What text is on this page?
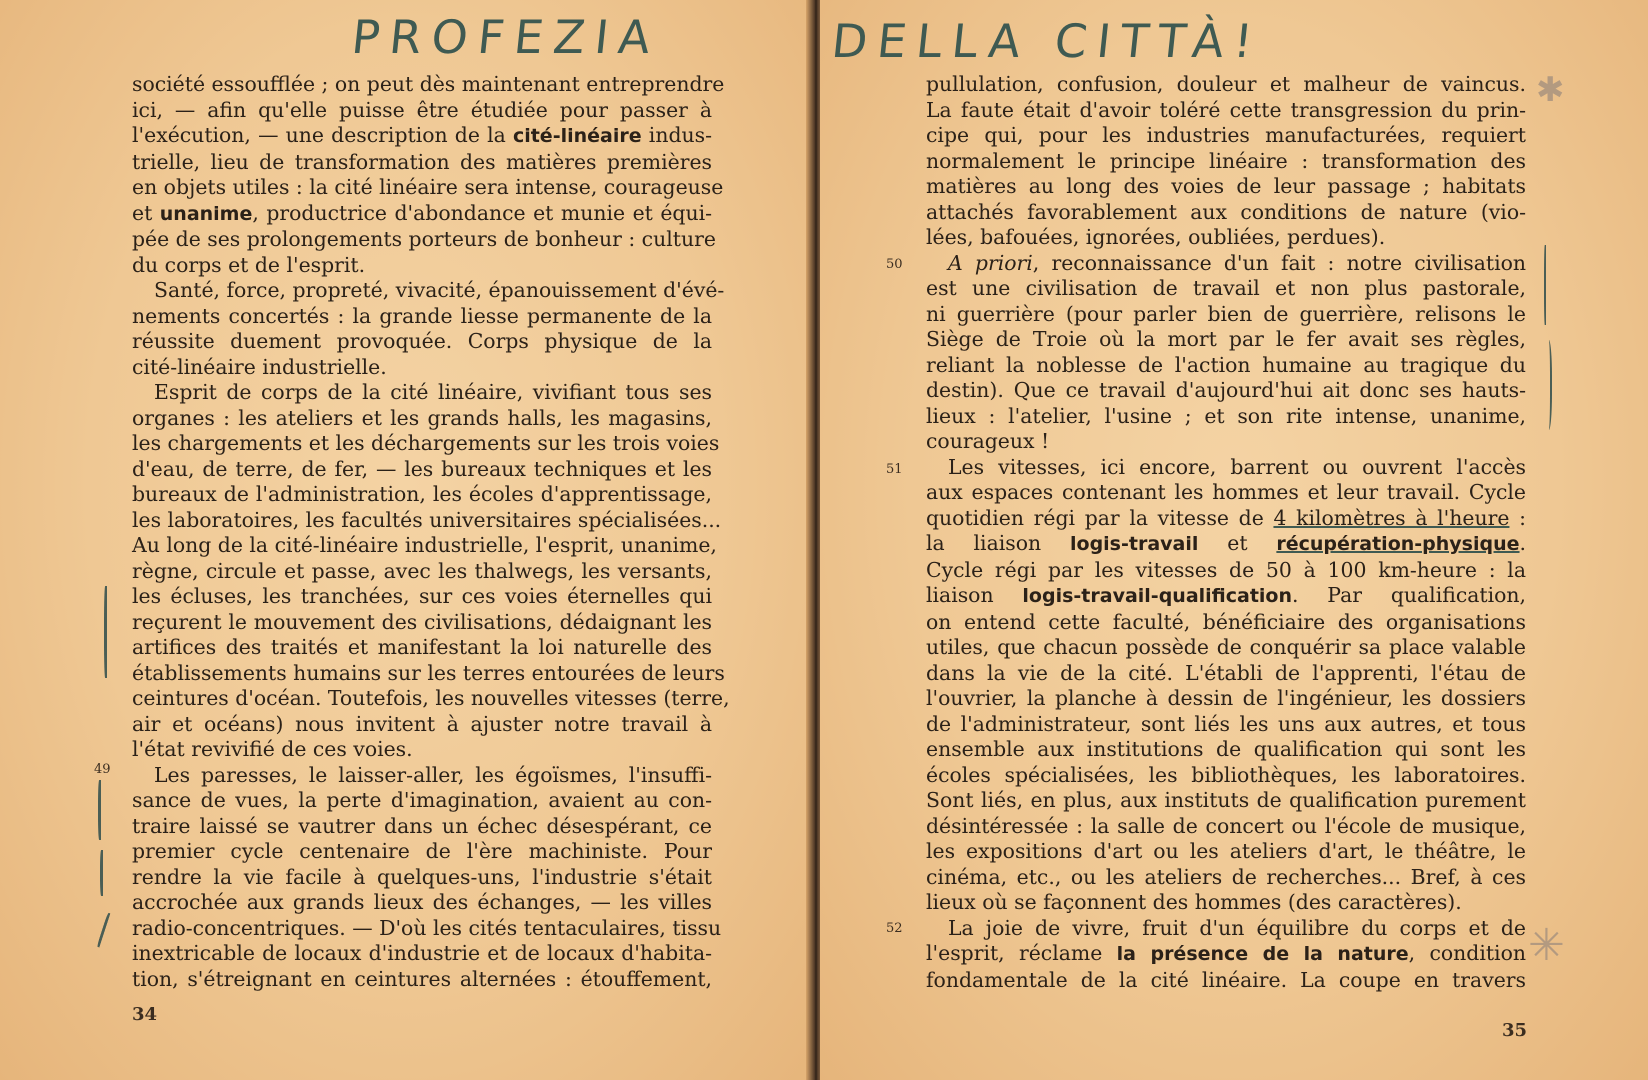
PROFEZIA
société essoufflée ; on peut dès maintenant entreprendre
ici, — afin qu'elle puisse être étudiée pour passer à
l'exécution, — une description de la cité-linéaire indus-
trielle, lieu de transformation des matières premières
en objets utiles : la cité linéaire sera intense, courageuse
et unanime, productrice d'abondance et munie et équi-
pée de ses prolongements porteurs de bonheur : culture
du corps et de l'esprit.
Santé, force, propreté, vivacité, épanouissement d'évé-
nements concertés : la grande liesse permanente de la
réussite duement provoquée. Corps physique de la
cité-linéaire industrielle.
Esprit de corps de la cité linéaire, vivifiant tous ses
organes : les ateliers et les grands halls, les magasins,
les chargements et les déchargements sur les trois voies
d'eau, de terre, de fer, — les bureaux techniques et les
bureaux de l'administration, les écoles d'apprentissage,
les laboratoires, les facultés universitaires spécialisées...
Au long de la cité-linéaire industrielle, l'esprit, unanime,
règne, circule et passe, avec les thalwegs, les versants,
les écluses, les tranchées, sur ces voies éternelles qui
reçurent le mouvement des civilisations, dédaignant les
artifices des traités et manifestant la loi naturelle des
établissements humains sur les terres entourées de leurs
ceintures d'océan. Toutefois, les nouvelles vitesses (terre,
air et océans) nous invitent à ajuster notre travail à
l'état revivifié de ces voies.
Les paresses, le laisser-aller, les égoïsmes, l'insuffi-
sance de vues, la perte d'imagination, avaient au con-
traire laissé se vautrer dans un échec désespérant, ce
premier cycle centenaire de l'ère machiniste. Pour
rendre la vie facile à quelques-uns, l'industrie s'était
accrochée aux grands lieux des échanges, — les villes
radio-concentriques. — D'où les cités tentaculaires, tissu
inextricable de locaux d'industrie et de locaux d'habita-
tion, s'étreignant en ceintures alternées : étouffement,
49
34
DELLA CITTÀ!
pullulation, confusion, douleur et malheur de vaincus.
La faute était d'avoir toléré cette transgression du prin-
cipe qui, pour les industries manufacturées, requiert
normalement le principe linéaire : transformation des
matières au long des voies de leur passage ; habitats
attachés favorablement aux conditions de nature (vio-
lées, bafouées, ignorées, oubliées, perdues).
A priori, reconnaissance d'un fait : notre civilisation
est une civilisation de travail et non plus pastorale,
ni guerrière (pour parler bien de guerrière, relisons le
Siège de Troie où la mort par le fer avait ses règles,
reliant la noblesse de l'action humaine au tragique du
destin). Que ce travail d'aujourd'hui ait donc ses hauts-
lieux : l'atelier, l'usine ; et son rite intense, unanime,
courageux !
Les vitesses, ici encore, barrent ou ouvrent l'accès
aux espaces contenant les hommes et leur travail. Cycle
quotidien régi par la vitesse de 4 kilomètres à l'heure :
la liaison logis-travail et récupération-physique.
Cycle régi par les vitesses de 50 à 100 km-heure : la
liaison logis-travail-qualification. Par qualification,
on entend cette faculté, bénéficiaire des organisations
utiles, que chacun possède de conquérir sa place valable
dans la vie de la cité. L'établi de l'apprenti, l'étau de
l'ouvrier, la planche à dessin de l'ingénieur, les dossiers
de l'administrateur, sont liés les uns aux autres, et tous
ensemble aux institutions de qualification qui sont les
écoles spécialisées, les bibliothèques, les laboratoires.
Sont liés, en plus, aux instituts de qualification purement
désintéressée : la salle de concert ou l'école de musique,
les expositions d'art ou les ateliers d'art, le théâtre, le
cinéma, etc., ou les ateliers de recherches... Bref, à ces
lieux où se façonnent des hommes (des caractères).
La joie de vivre, fruit d'un équilibre du corps et de
l'esprit, réclame la présence de la nature, condition
fondamentale de la cité linéaire. La coupe en travers
50
51
52
35
✱
✳
